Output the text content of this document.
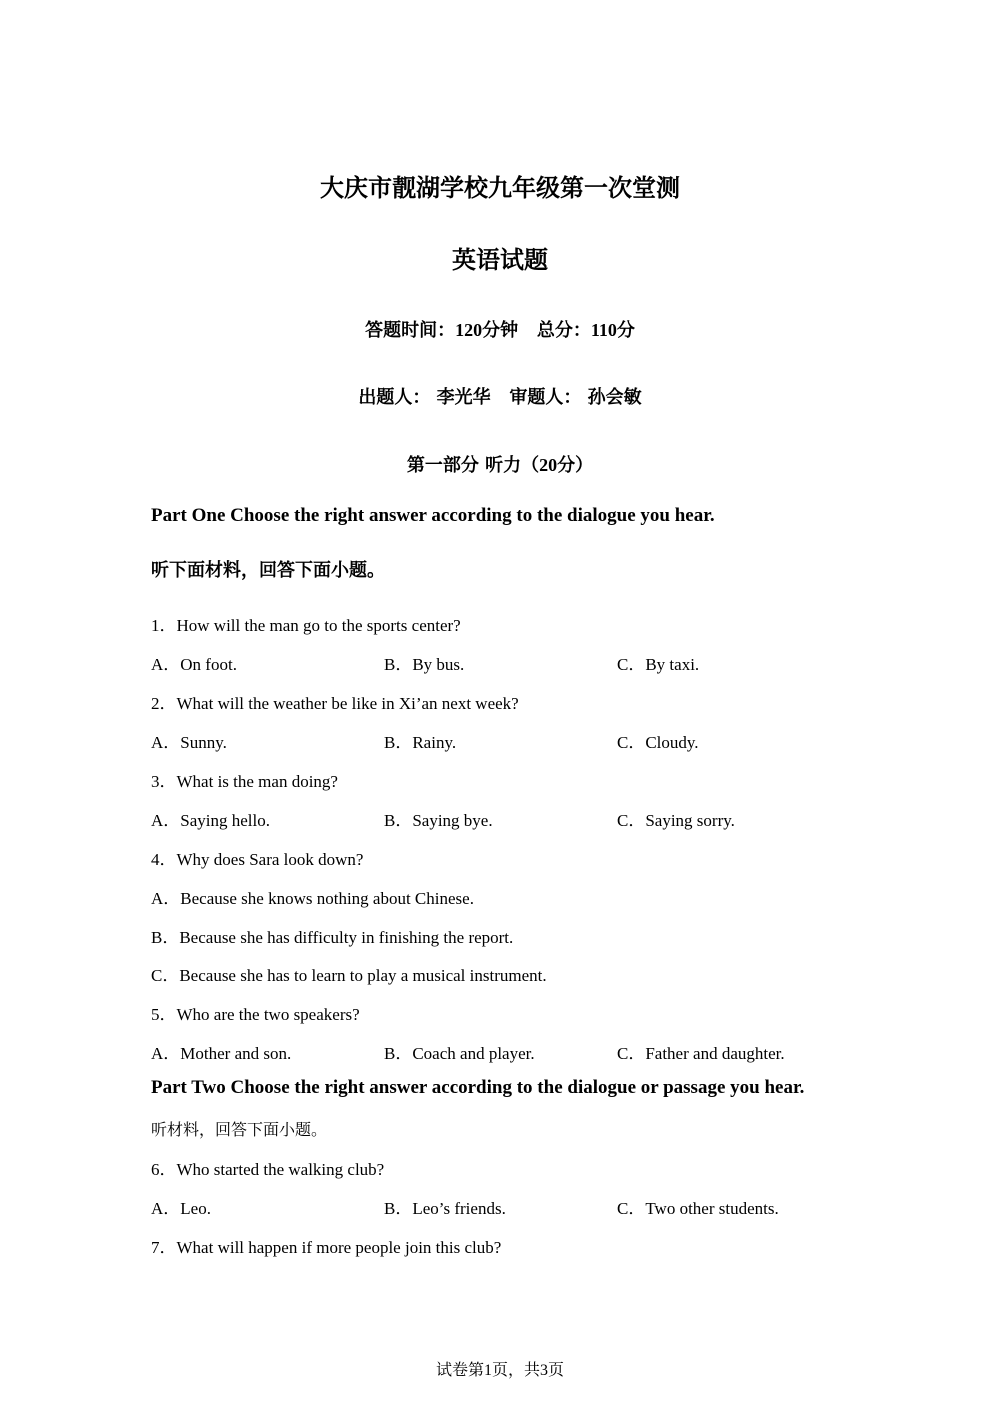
大庆市靓湖学校九年级第一次堂测
英语试题
答题时间：120分钟 总分：110分
出题人： 李光华   审题人： 孙会敏
第一部分 听力（20分）
Part One Choose the right answer according to the dialogue you hear.
听下面材料，回答下面小题。
1．How will the man go to the sports center?
A．On foot.	B．By bus.	C．By taxi.
2．What will the weather be like in Xi’an next week?
A．Sunny.	B．Rainy.	C．Cloudy.
3．What is the man doing?
A．Saying hello.	B．Saying bye.	C．Saying sorry.
4．Why does Sara look down?
A．Because she knows nothing about Chinese.
B．Because she has difficulty in finishing the report.
C．Because she has to learn to play a musical instrument.
5．Who are the two speakers?
A．Mother and son.	B．Coach and player.	C．Father and daughter.
Part Two Choose the right answer according to the dialogue or passage you hear.
听材料，回答下面小题。
6．Who started the walking club?
A．Leo.	B．Leo’s friends.	C．Two other students.
7．What will happen if more people join this club?
试卷第1页，共3页
